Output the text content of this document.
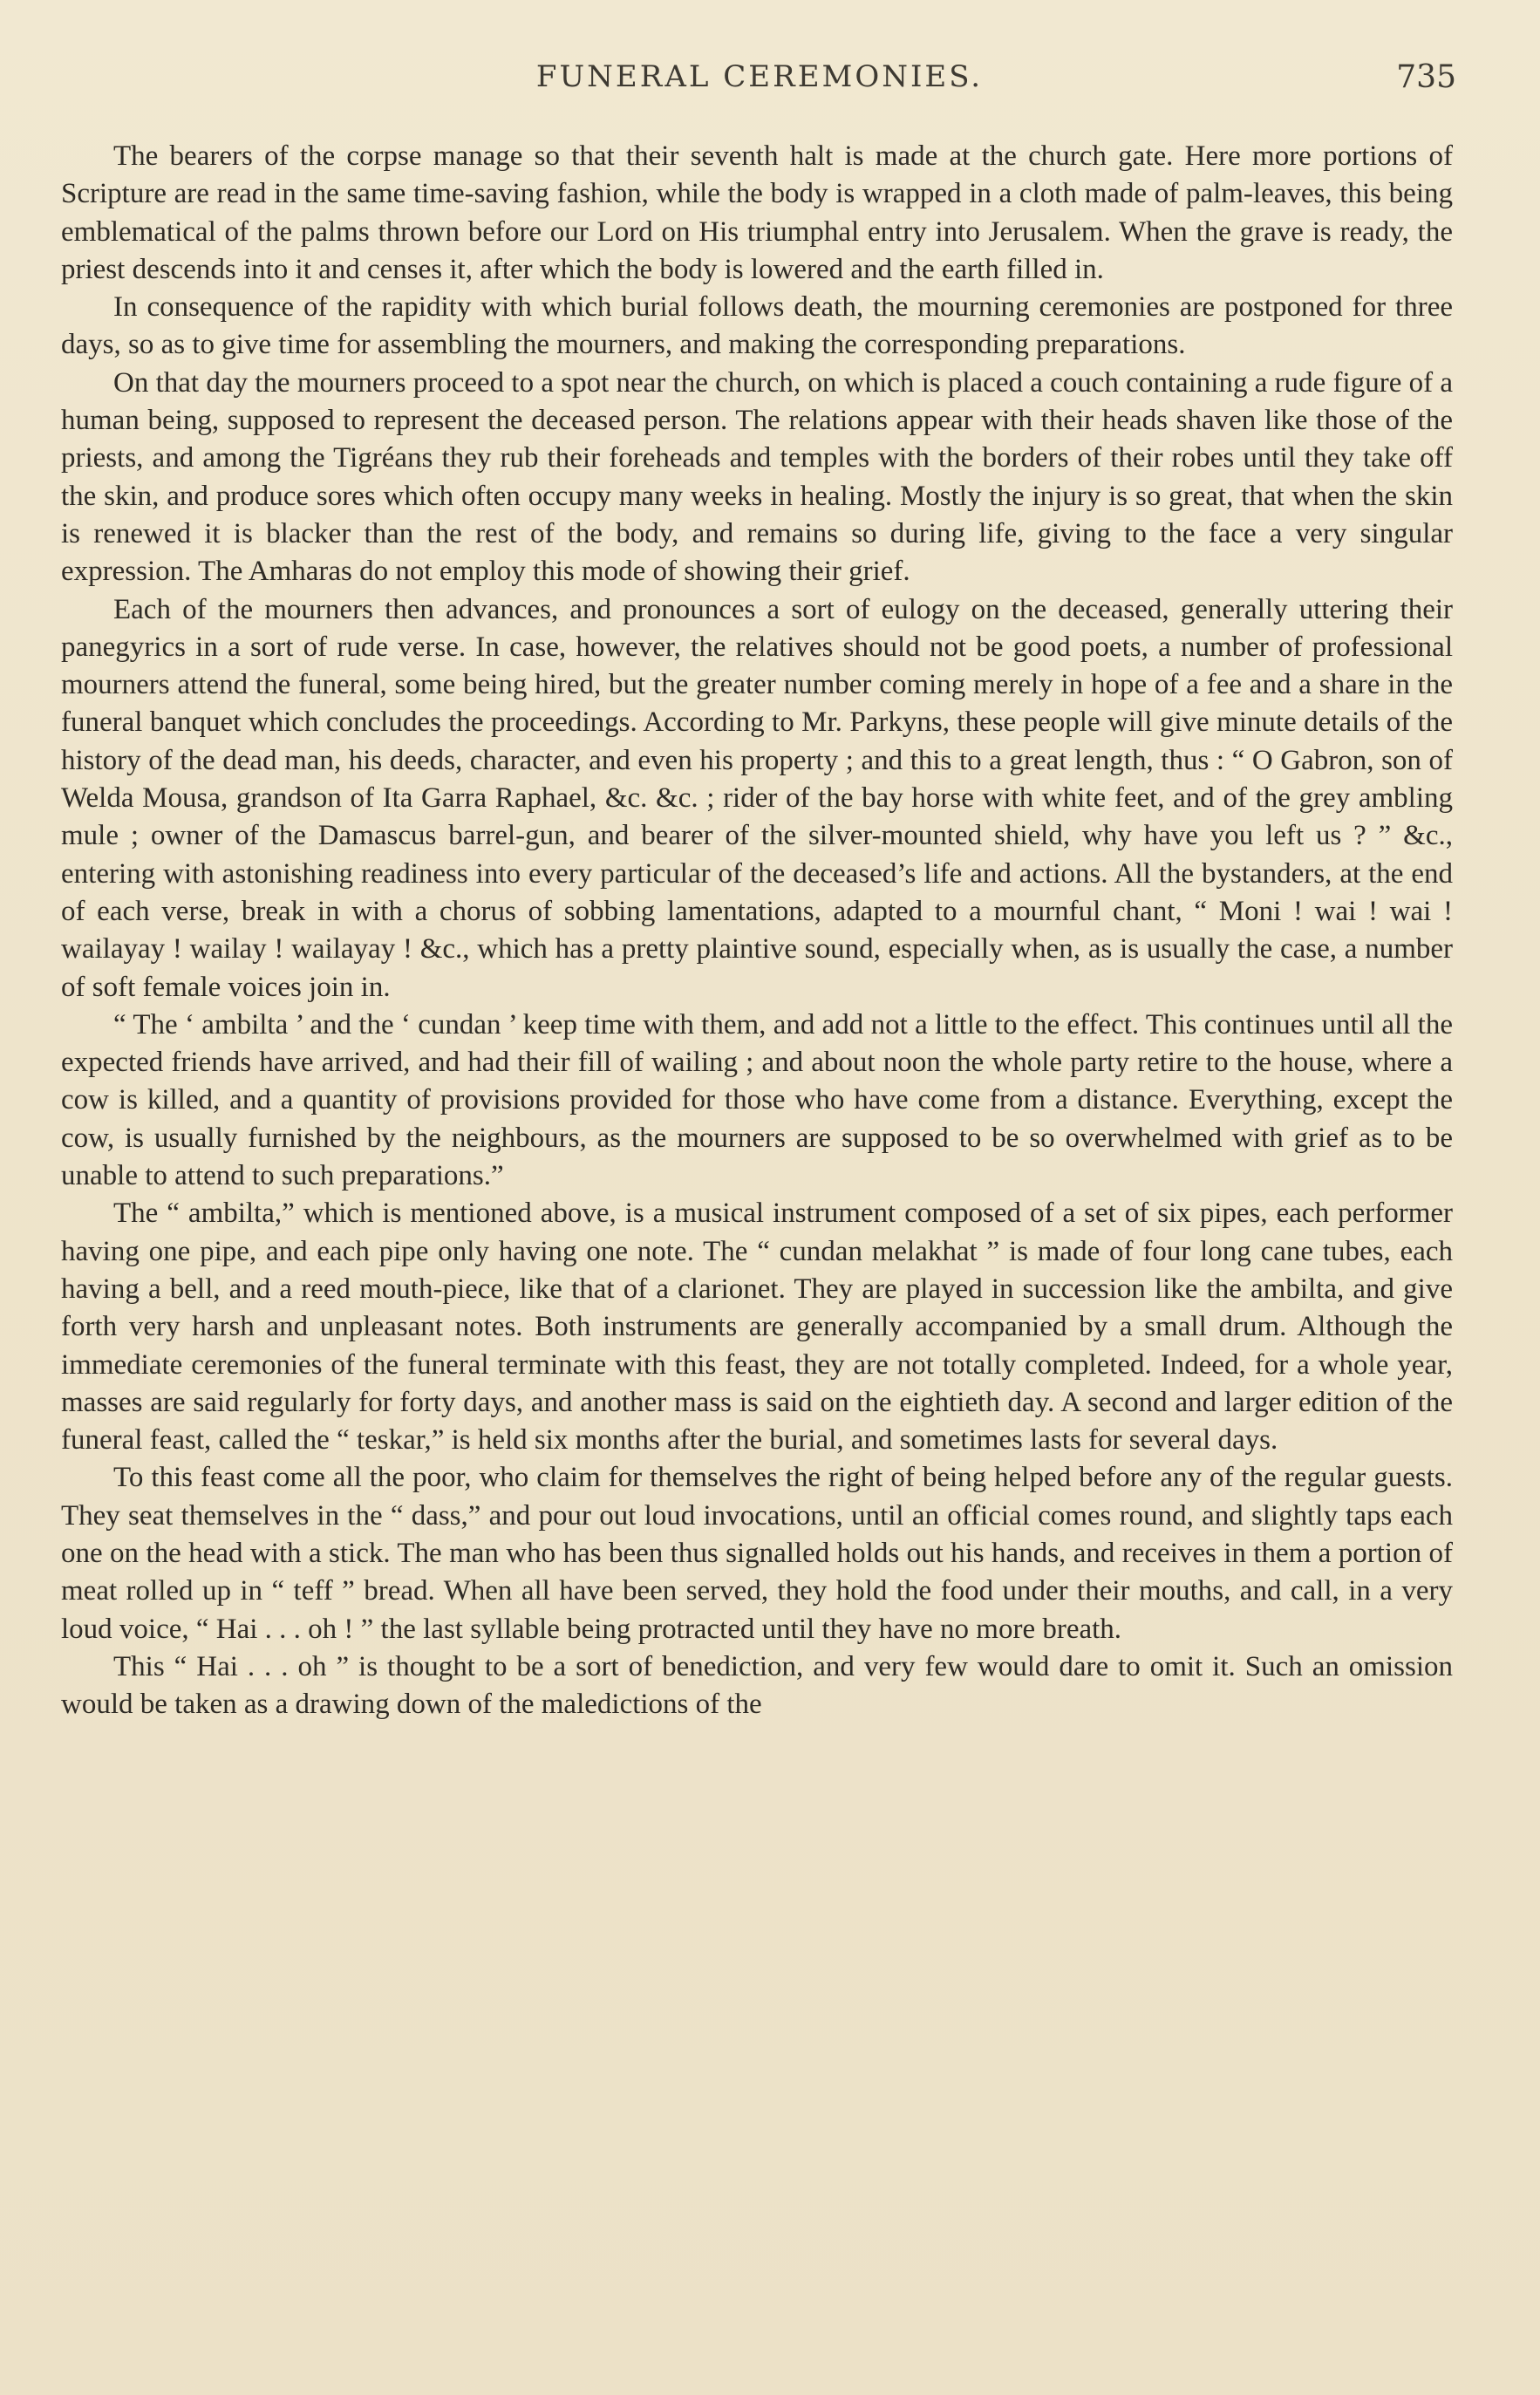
FUNERAL CEREMONIES.	735

The bearers of the corpse manage so that their seventh halt is made at the church gate. Here more portions of Scripture are read in the same time-saving fashion, while the body is wrapped in a cloth made of palm-leaves, this being emblematical of the palms thrown before our Lord on His triumphal entry into Jerusalem. When the grave is ready, the priest descends into it and censes it, after which the body is lowered and the earth filled in.

In consequence of the rapidity with which burial follows death, the mourning ceremonies are postponed for three days, so as to give time for assembling the mourners, and making the corresponding preparations.

On that day the mourners proceed to a spot near the church, on which is placed a couch containing a rude figure of a human being, supposed to represent the deceased person. The relations appear with their heads shaven like those of the priests, and among the Tigréans they rub their foreheads and temples with the borders of their robes until they take off the skin, and produce sores which often occupy many weeks in healing. Mostly the injury is so great, that when the skin is renewed it is blacker than the rest of the body, and remains so during life, giving to the face a very singular expression. The Amharas do not employ this mode of showing their grief.

Each of the mourners then advances, and pronounces a sort of eulogy on the deceased, generally uttering their panegyrics in a sort of rude verse. In case, however, the relatives should not be good poets, a number of professional mourners attend the funeral, some being hired, but the greater number coming merely in hope of a fee and a share in the funeral banquet which concludes the proceedings. According to Mr. Parkyns, these people will give minute details of the history of the dead man, his deeds, character, and even his property ; and this to a great length, thus : “ O Gabron, son of Welda Mousa, grandson of Ita Garra Raphael, &c. &c. ; rider of the bay horse with white feet, and of the grey ambling mule ; owner of the Damascus barrel-gun, and bearer of the silver-mounted shield, why have you left us ? ” &c., entering with astonishing readiness into every particular of the deceased’s life and actions. All the bystanders, at the end of each verse, break in with a chorus of sobbing lamentations, adapted to a mournful chant, “ Moni ! wai ! wai ! wailayay ! wailay ! wailayay ! &c., which has a pretty plaintive sound, especially when, as is usually the case, a number of soft female voices join in.

“ The ‘ ambilta ’ and the ‘ cundan ’ keep time with them, and add not a little to the effect. This continues until all the expected friends have arrived, and had their fill of wailing ; and about noon the whole party retire to the house, where a cow is killed, and a quantity of provisions provided for those who have come from a distance. Everything, except the cow, is usually furnished by the neighbours, as the mourners are supposed to be so overwhelmed with grief as to be unable to attend to such preparations.”

The “ ambilta,” which is mentioned above, is a musical instrument composed of a set of six pipes, each performer having one pipe, and each pipe only having one note. The “ cundan melakhat ” is made of four long cane tubes, each having a bell, and a reed mouth-piece, like that of a clarionet. They are played in succession like the ambilta, and give forth very harsh and unpleasant notes. Both instruments are generally accompanied by a small drum. Although the immediate ceremonies of the funeral terminate with this feast, they are not totally completed. Indeed, for a whole year, masses are said regularly for forty days, and another mass is said on the eightieth day. A second and larger edition of the funeral feast, called the “ teskar,” is held six months after the burial, and sometimes lasts for several days.

To this feast come all the poor, who claim for themselves the right of being helped before any of the regular guests. They seat themselves in the “ dass,” and pour out loud invocations, until an official comes round, and slightly taps each one on the head with a stick. The man who has been thus signalled holds out his hands, and receives in them a portion of meat rolled up in “ teff ” bread. When all have been served, they hold the food under their mouths, and call, in a very loud voice, “ Hai . . . oh ! ” the last syllable being protracted until they have no more breath.

This “ Hai . . . oh ” is thought to be a sort of benediction, and very few would dare to omit it. Such an omission would be taken as a drawing down of the maledictions of the
